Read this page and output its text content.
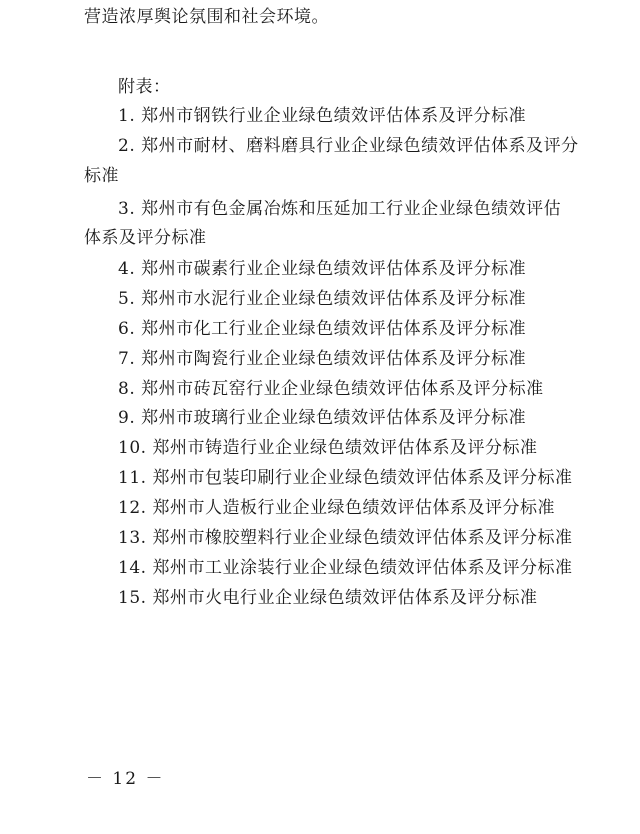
营造浓厚舆论氛围和社会环境。
附表：
1. 郑州市钢铁行业企业绿色绩效评估体系及评分标准
2. 郑州市耐材、磨料磨具行业企业绿色绩效评估体系及评分
标准
3. 郑州市有色金属冶炼和压延加工行业企业绿色绩效评估
体系及评分标准
4. 郑州市碳素行业企业绿色绩效评估体系及评分标准
5. 郑州市水泥行业企业绿色绩效评估体系及评分标准
6. 郑州市化工行业企业绿色绩效评估体系及评分标准
7. 郑州市陶瓷行业企业绿色绩效评估体系及评分标准
8. 郑州市砖瓦窑行业企业绿色绩效评估体系及评分标准
9. 郑州市玻璃行业企业绿色绩效评估体系及评分标准
10. 郑州市铸造行业企业绿色绩效评估体系及评分标准
11. 郑州市包装印刷行业企业绿色绩效评估体系及评分标准
12. 郑州市人造板行业企业绿色绩效评估体系及评分标准
13. 郑州市橡胶塑料行业企业绿色绩效评估体系及评分标准
14. 郑州市工业涂装行业企业绿色绩效评估体系及评分标准
15. 郑州市火电行业企业绿色绩效评估体系及评分标准
－ 12 －
